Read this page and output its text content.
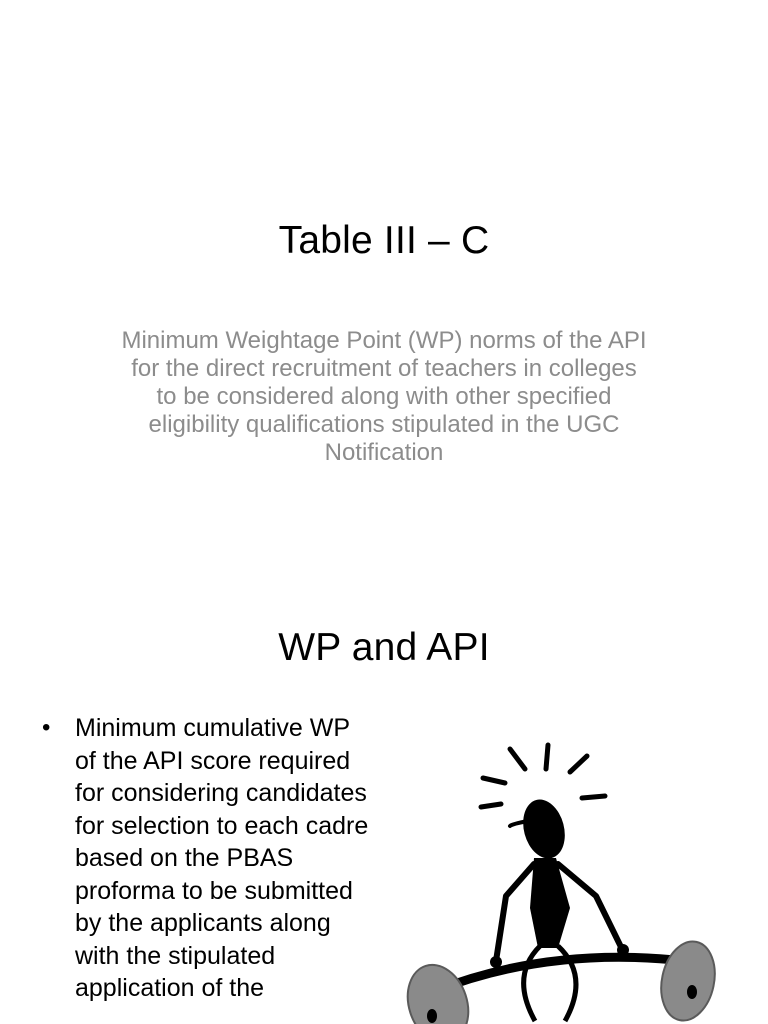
Table III – C
Minimum Weightage Point (WP) norms of the API for the direct recruitment of teachers in colleges to be considered along with other specified eligibility qualifications stipulated in the UGC Notification
WP and API
• Minimum cumulative WP of the API score required for considering candidates for selection to each cadre based on the PBAS proforma to be submitted by the applicants along with the stipulated application of the
